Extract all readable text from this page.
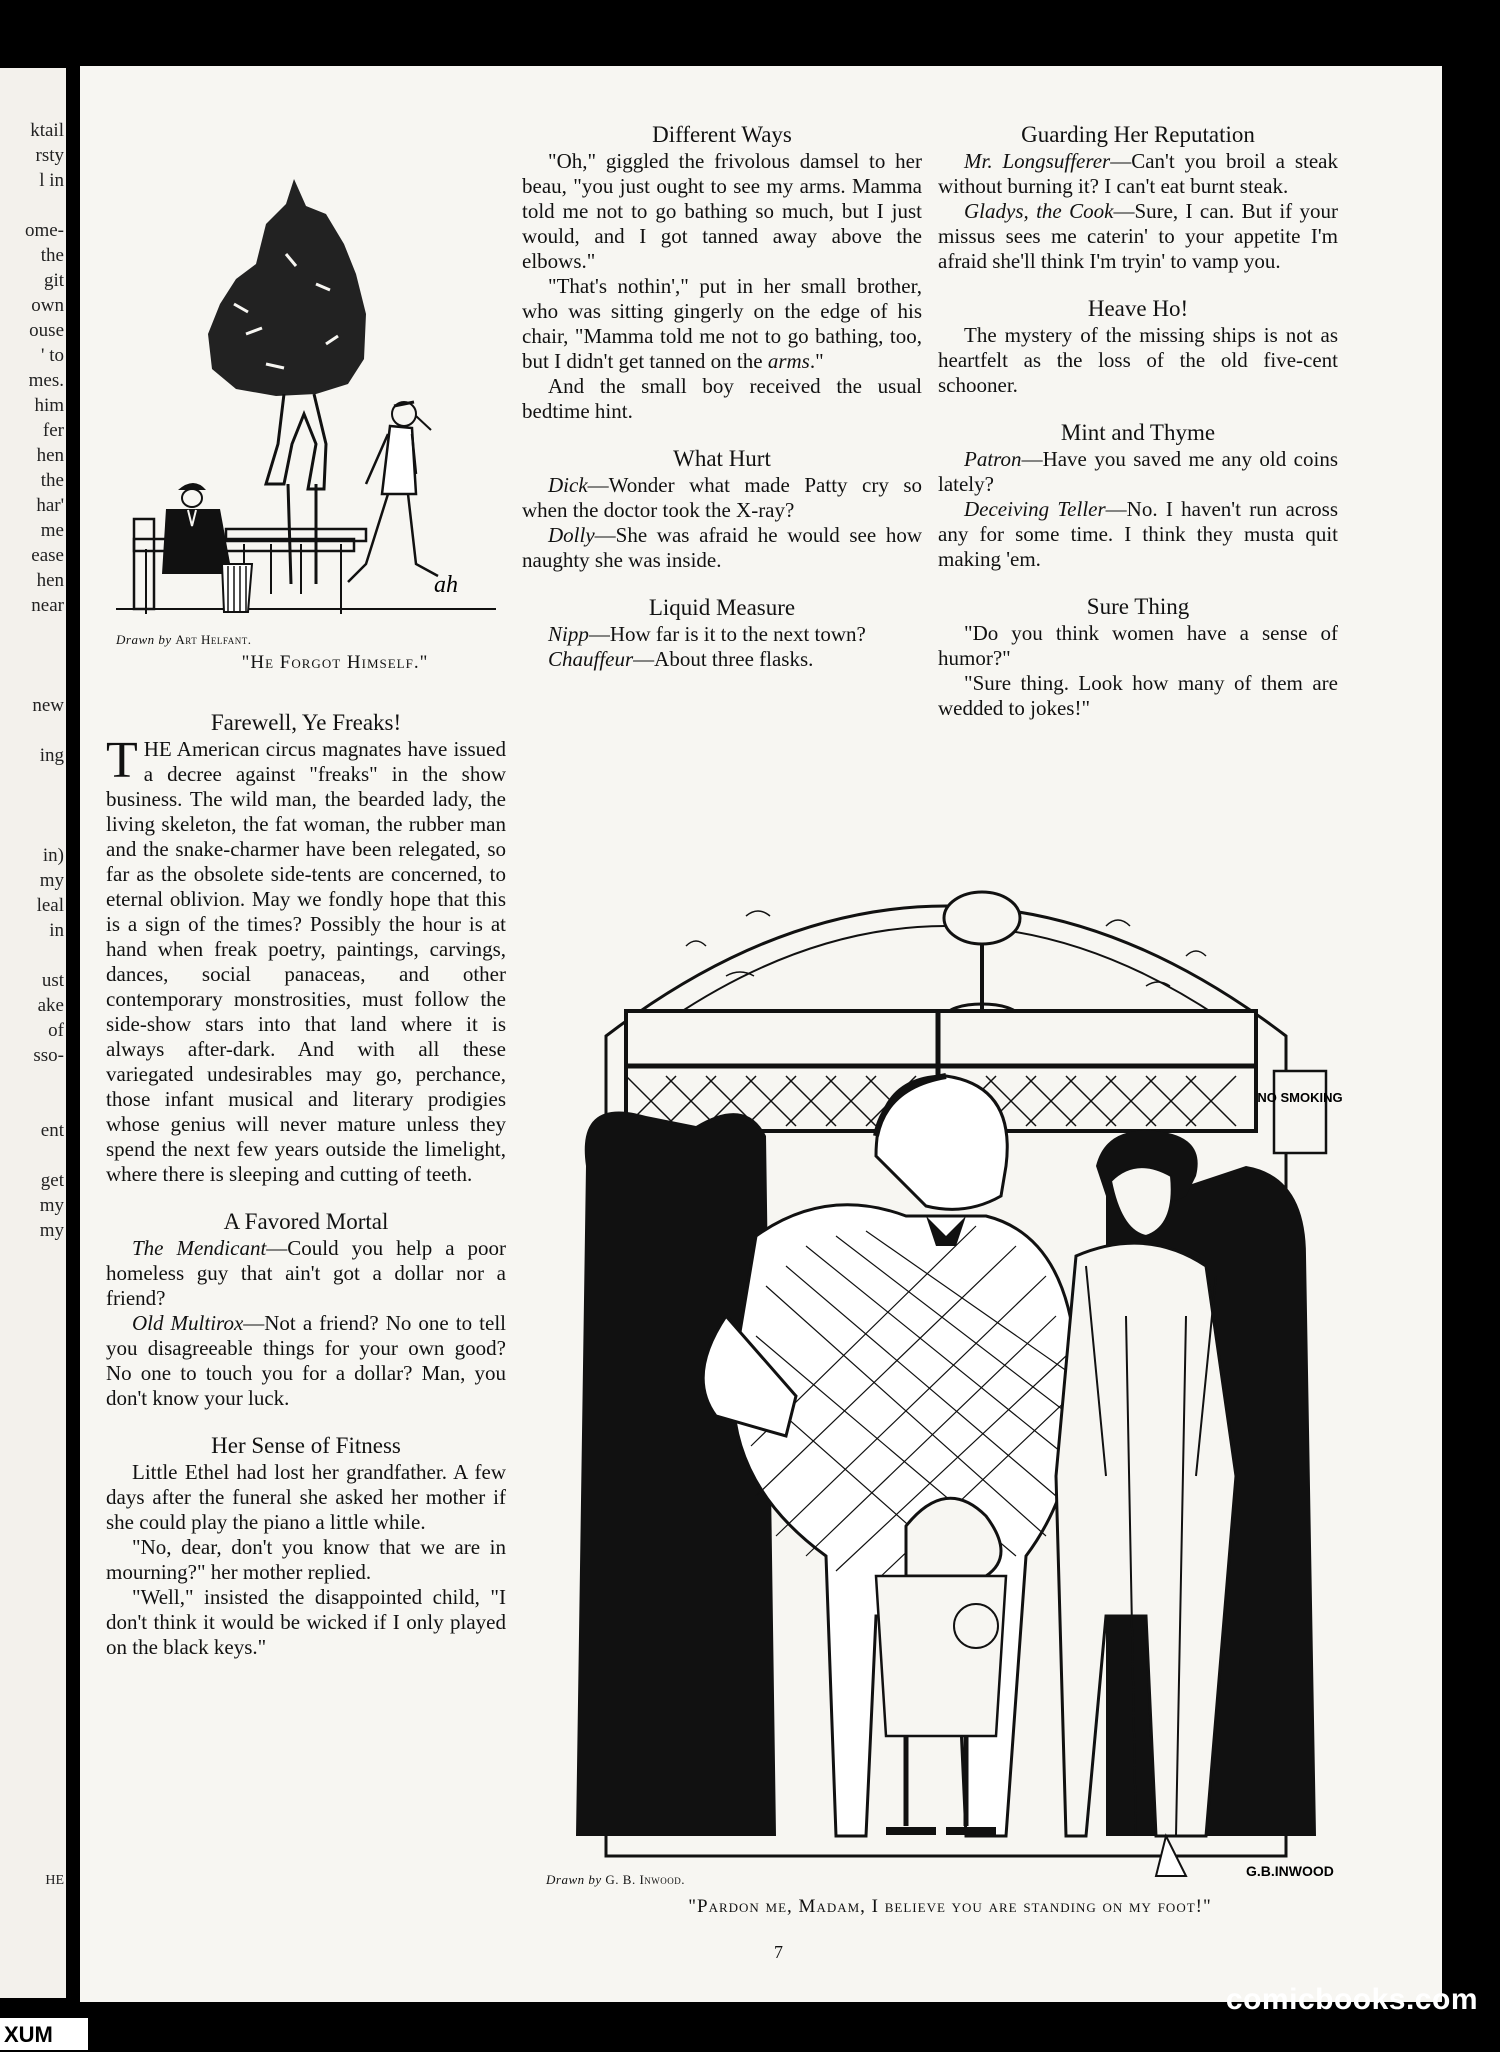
ktail
rsty
l in
ome-
the
git
own
ouse
' to
mes.
him
fer
hen
the
har'
me
ease
hen
near
new
ing
in)
my
leal
in
ust
ake
of
sso-
ent
get
my
my
HE
ah
Drawn by Art Helfant.
"He Forgot Himself."
Farewell, Ye Freaks!

THE American circus magnates have issued a decree against "freaks" in the show business. The wild man, the bearded lady, the living skeleton, the fat woman, the rubber man and the snake-charmer have been relegated, so far as the obsolete side-tents are concerned, to eternal oblivion. May we fondly hope that this is a sign of the times? Possibly the hour is at hand when freak poetry, paintings, carvings, dances, social panaceas, and other contemporary monstrosities, must follow the side-show stars into that land where it is always after-dark. And with all these variegated undesirables may go, perchance, those infant musical and literary prodigies whose genius will never mature unless they spend the next few years outside the limelight, where there is sleeping and cutting of teeth.

A Favored Mortal

The Mendicant—Could you help a poor homeless guy that ain't got a dollar nor a friend?

Old Multirox—Not a friend? No one to tell you disagreeable things for your own good? No one to touch you for a dollar? Man, you don't know your luck.

Her Sense of Fitness

Little Ethel had lost her grandfather. A few days after the funeral she asked her mother if she could play the piano a little while.

"No, dear, don't you know that we are in mourning?" her mother replied.

"Well," insisted the disappointed child, "I don't think it would be wicked if I only played on the black keys."

Different Ways

"Oh," giggled the frivolous damsel to her beau, "you just ought to see my arms. Mamma told me not to go bathing so much, but I just would, and I got tanned away above the elbows."

"That's nothin'," put in her small brother, who was sitting gingerly on the edge of his chair, "Mamma told me not to go bathing, too, but I didn't get tanned on the arms."

And the small boy received the usual bedtime hint.

What Hurt

Dick—Wonder what made Patty cry so when the doctor took the X-ray?

Dolly—She was afraid he would see how naughty she was inside.

Liquid Measure

Nipp—How far is it to the next town?

Chauffeur—About three flasks.

Guarding Her Reputation

Mr. Longsufferer—Can't you broil a steak without burning it? I can't eat burnt steak.

Gladys, the Cook—Sure, I can. But if your missus sees me caterin' to your appetite I'm afraid she'll think I'm tryin' to vamp you.

Heave Ho!

The mystery of the missing ships is not as heartfelt as the loss of the old five-cent schooner.

Mint and Thyme

Patron—Have you saved me any old coins lately?

Deceiving Teller—No. I haven't run across any for some time. I think they musta quit making 'em.

Sure Thing

"Do you think women have a sense of humor?"

"Sure thing. Look how many of them are wedded to jokes!"

NO SMOKING
G.B.INWOOD
Drawn by G. B. Inwood.
"Pardon me, Madam, I believe you are standing on my foot!"
7
comicbooks.com
XUM
